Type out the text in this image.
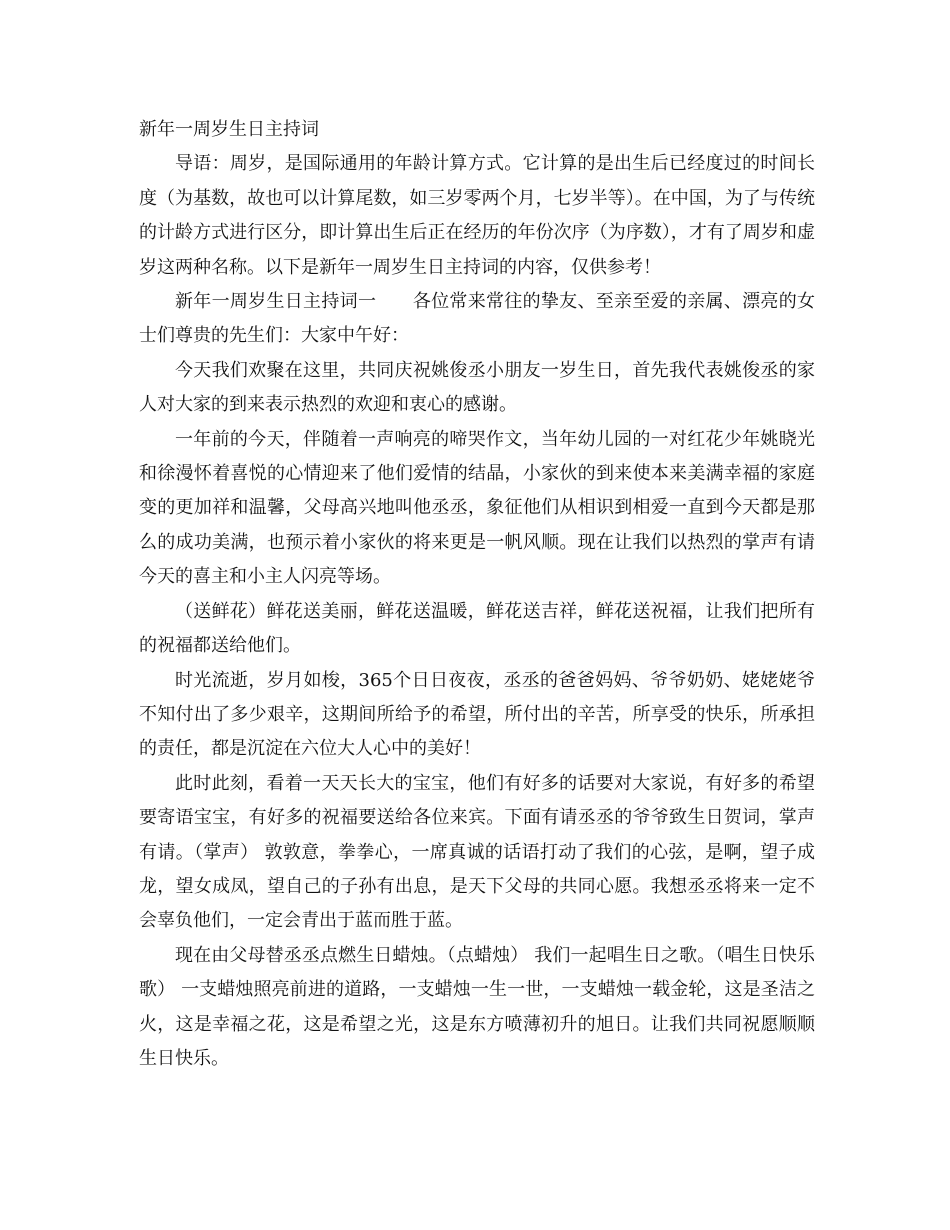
新年一周岁生日主持词

导语：周岁，是国际通用的年龄计算方式。它计算的是出生后已经度过的时间长度（为基数，故也可以计算尾数，如三岁零两个月，七岁半等）。在中国，为了与传统的计龄方式进行区分，即计算出生后正在经历的年份次序（为序数），才有了周岁和虚岁这两种名称。以下是新年一周岁生日主持词的内容，仅供参考！

新年一周岁生日主持词一　　各位常来常往的挚友、至亲至爱的亲属、漂亮的女士们尊贵的先生们：大家中午好：

今天我们欢聚在这里，共同庆祝姚俊丞小朋友一岁生日，首先我代表姚俊丞的家人对大家的到来表示热烈的欢迎和衷心的感谢。

一年前的今天，伴随着一声响亮的啼哭作文，当年幼儿园的一对红花少年姚晓光和徐漫怀着喜悦的心情迎来了他们爱情的结晶，小家伙的到来使本来美满幸福的家庭变的更加祥和温馨，父母高兴地叫他丞丞，象征他们从相识到相爱一直到今天都是那么的成功美满，也预示着小家伙的将来更是一帆风顺。现在让我们以热烈的掌声有请今天的喜主和小主人闪亮等场。

（送鲜花）鲜花送美丽，鲜花送温暖，鲜花送吉祥，鲜花送祝福，让我们把所有的祝福都送给他们。

时光流逝，岁月如梭，365个日日夜夜，丞丞的爸爸妈妈、爷爷奶奶、姥姥姥爷不知付出了多少艰辛，这期间所给予的希望，所付出的辛苦，所享受的快乐，所承担的责任，都是沉淀在六位大人心中的美好！

此时此刻，看着一天天长大的宝宝，他们有好多的话要对大家说，有好多的希望要寄语宝宝，有好多的祝福要送给各位来宾。下面有请丞丞的爷爷致生日贺词，掌声有请。（掌声） 敦敦意，拳拳心，一席真诚的话语打动了我们的心弦，是啊，望子成龙，望女成凤，望自己的子孙有出息，是天下父母的共同心愿。我想丞丞将来一定不会辜负他们，一定会青出于蓝而胜于蓝。

现在由父母替丞丞点燃生日蜡烛。（点蜡烛） 我们一起唱生日之歌。（唱生日快乐歌） 一支蜡烛照亮前进的道路，一支蜡烛一生一世，一支蜡烛一载金轮，这是圣洁之火，这是幸福之花，这是希望之光，这是东方喷薄初升的旭日。让我们共同祝愿顺顺生日快乐。
